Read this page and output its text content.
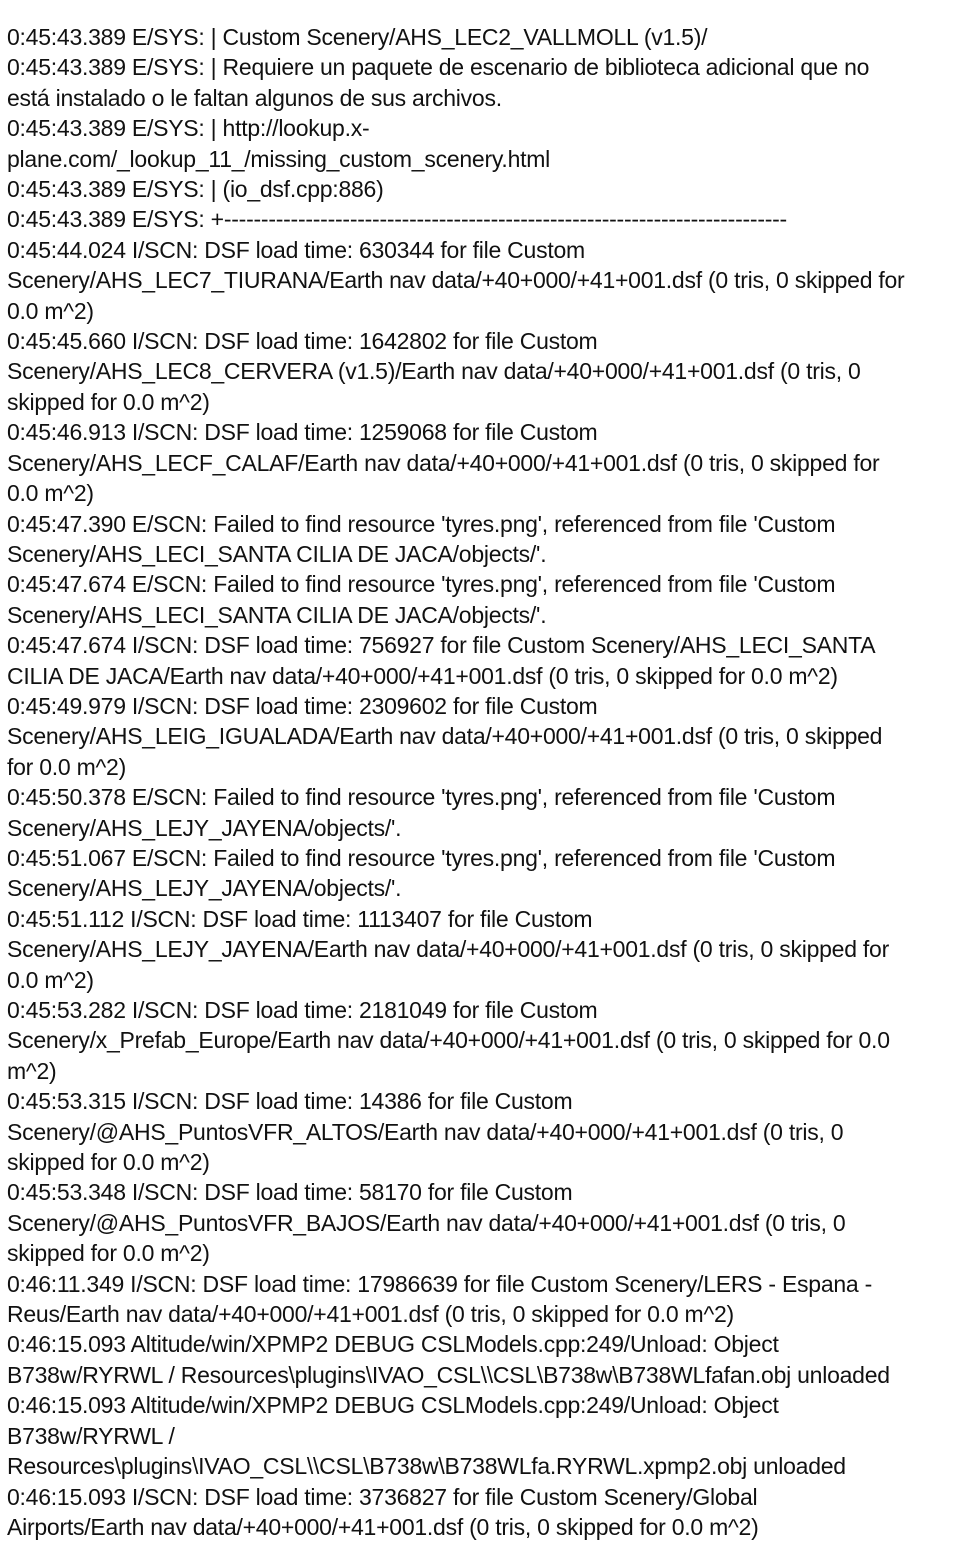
0:45:43.389 E/SYS: | Custom Scenery/AHS_LEC2_VALLMOLL (v1.5)/
0:45:43.389 E/SYS: | Requiere un paquete de escenario de biblioteca adicional que no
está instalado o le faltan algunos de sus archivos.
0:45:43.389 E/SYS: | http://lookup.x-
plane.com/_lookup_11_/missing_custom_scenery.html
0:45:43.389 E/SYS: | (io_dsf.cpp:886)
0:45:43.389 E/SYS: +----------------------------------------------------------------------------
0:45:44.024 I/SCN: DSF load time: 630344 for file Custom
Scenery/AHS_LEC7_TIURANA/Earth nav data/+40+000/+41+001.dsf (0 tris, 0 skipped for
0.0 m^2)
0:45:45.660 I/SCN: DSF load time: 1642802 for file Custom
Scenery/AHS_LEC8_CERVERA (v1.5)/Earth nav data/+40+000/+41+001.dsf (0 tris, 0
skipped for 0.0 m^2)
0:45:46.913 I/SCN: DSF load time: 1259068 for file Custom
Scenery/AHS_LECF_CALAF/Earth nav data/+40+000/+41+001.dsf (0 tris, 0 skipped for
0.0 m^2)
0:45:47.390 E/SCN: Failed to find resource 'tyres.png', referenced from file 'Custom
Scenery/AHS_LECI_SANTA CILIA DE JACA/objects/'.
0:45:47.674 E/SCN: Failed to find resource 'tyres.png', referenced from file 'Custom
Scenery/AHS_LECI_SANTA CILIA DE JACA/objects/'.
0:45:47.674 I/SCN: DSF load time: 756927 for file Custom Scenery/AHS_LECI_SANTA
CILIA DE JACA/Earth nav data/+40+000/+41+001.dsf (0 tris, 0 skipped for 0.0 m^2)
0:45:49.979 I/SCN: DSF load time: 2309602 for file Custom
Scenery/AHS_LEIG_IGUALADA/Earth nav data/+40+000/+41+001.dsf (0 tris, 0 skipped
for 0.0 m^2)
0:45:50.378 E/SCN: Failed to find resource 'tyres.png', referenced from file 'Custom
Scenery/AHS_LEJY_JAYENA/objects/'.
0:45:51.067 E/SCN: Failed to find resource 'tyres.png', referenced from file 'Custom
Scenery/AHS_LEJY_JAYENA/objects/'.
0:45:51.112 I/SCN: DSF load time: 1113407 for file Custom
Scenery/AHS_LEJY_JAYENA/Earth nav data/+40+000/+41+001.dsf (0 tris, 0 skipped for
0.0 m^2)
0:45:53.282 I/SCN: DSF load time: 2181049 for file Custom
Scenery/x_Prefab_Europe/Earth nav data/+40+000/+41+001.dsf (0 tris, 0 skipped for 0.0
m^2)
0:45:53.315 I/SCN: DSF load time: 14386 for file Custom
Scenery/@AHS_PuntosVFR_ALTOS/Earth nav data/+40+000/+41+001.dsf (0 tris, 0
skipped for 0.0 m^2)
0:45:53.348 I/SCN: DSF load time: 58170 for file Custom
Scenery/@AHS_PuntosVFR_BAJOS/Earth nav data/+40+000/+41+001.dsf (0 tris, 0
skipped for 0.0 m^2)
0:46:11.349 I/SCN: DSF load time: 17986639 for file Custom Scenery/LERS - Espana -
Reus/Earth nav data/+40+000/+41+001.dsf (0 tris, 0 skipped for 0.0 m^2)
0:46:15.093 Altitude/win/XPMP2 DEBUG CSLModels.cpp:249/Unload: Object
B738w/RYRWL / Resources\plugins\IVAO_CSL\\CSL\B738w\B738WLfafan.obj unloaded
0:46:15.093 Altitude/win/XPMP2 DEBUG CSLModels.cpp:249/Unload: Object
B738w/RYRWL /
Resources\plugins\IVAO_CSL\\CSL\B738w\B738WLfa.RYRWL.xpmp2.obj unloaded
0:46:15.093 I/SCN: DSF load time: 3736827 for file Custom Scenery/Global
Airports/Earth nav data/+40+000/+41+001.dsf (0 tris, 0 skipped for 0.0 m^2)
